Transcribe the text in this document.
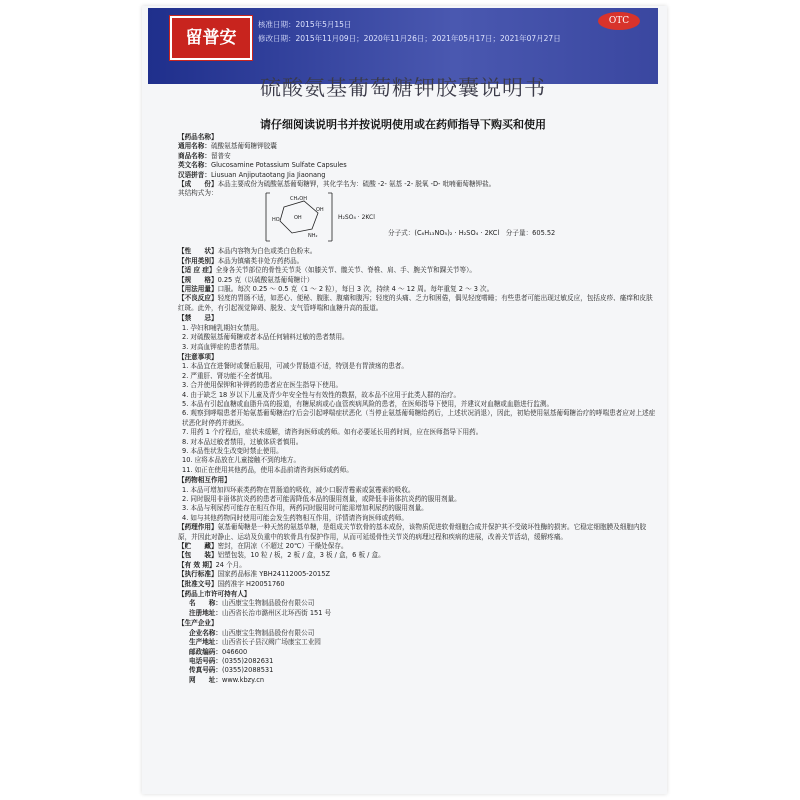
留普安
核准日期：2015年5月15日
修改日期：2015年11月09日；2020年11月26日；2021年05月17日；2021年07月27日
OTC
硫酸氨基葡萄糖钾胶囊说明书
请仔细阅读说明书并按说明使用或在药师指导下购买和使用
【药品名称】
通用名称：硫酸氨基葡萄糖钾胶囊
商品名称：留普安
英文名称：Glucosamine Potassium Sulfate Capsules
汉语拼音：Liusuan Anjiputaotang Jia Jiaonang
【成　　份】本品主要成份为硫酸氨基葡萄糖钾，其化学名为：硫酸 -2- 氨基 -2- 脱氧 -D- 吡喃葡萄糖钾盐。
其结构式为：
CH₂OH
HO
NH₂
OH
OH	H₂SO₄ · 2KCl
分子式：(C₆H₁₃NO₅)₂ · H₂SO₄ · 2KCl　分子量：605.52
【性　　状】本品内容物为白色或类白色粉末。
【作用类别】本品为镇痛类非处方药药品。
【适 应 症】全身各关节部位的骨性关节炎（如膝关节、髋关节、脊椎、肩、手、腕关节和踝关节等）。
【规　　格】0.25 克（以硫酸氨基葡萄糖计）
【用法用量】口服。每次 0.25 ～ 0.5 克（1 ～ 2 粒），每日 3 次，持续 4 ～ 12 周。每年重复 2 ～ 3 次。
【不良反应】轻度的胃肠不适，如恶心、便秘、腹胀、腹痛和腹泻；轻度的头痛、乏力和困倦，偶见轻度嗜睡；有些患者可能出现过敏反应，包括皮疹、瘙痒和皮肤红斑。此外，有引起视觉障碍、脱发、支气管哮喘和血糖升高的报道。
【禁　　忌】
1. 孕妇和哺乳期妇女禁用。
2. 对硫酸氨基葡萄糖或者本品任何辅料过敏的患者禁用。
3. 对高血钾症的患者禁用。
【注意事项】
1. 本品宜在进餐时或餐后服用，可减少胃肠道不适，特别是有胃溃疡的患者。
2. 严重肝、肾功能不全者慎用。
3. 合并使用保钾和补钾药的患者应在医生指导下使用。
4. 由于缺乏 18 岁以下儿童及青少年安全性与有效性的数据，故本品不应用于此类人群的治疗。
5. 本品有引起血糖或血脂升高的报道，有糖尿病或心血管疾病风险的患者，在医师指导下使用，并建议对血糖或血脂进行监测。
6. 观察到哮喘患者开始氨基葡萄糖治疗后会引起哮喘症状恶化（当停止氨基葡萄糖给药后，上述状况消退），因此，初始使用氨基葡萄糖治疗的哮喘患者应对上述症状恶化时停药并就医。
7. 用药 1 个疗程后，症状未缓解，请咨询医师或药师。如有必要延长用药时间，应在医师指导下用药。
8. 对本品过敏者禁用，过敏体质者慎用。
9. 本品性状发生改变时禁止使用。
10. 应将本品放在儿童接触不到的地方。
11. 如正在使用其他药品，使用本品前请咨询医师或药师。
【药物相互作用】
1. 本品可增加四环素类药物在胃肠道的吸收，减少口服青霉素或氯霉素的吸收。
2. 同时服用非甾体抗炎药的患者可能需降低本品的服用剂量，或降低非甾体抗炎药的服用剂量。
3. 本品与利尿药可能存在相互作用，两药同时服用时可能需增加利尿药的服用剂量。
4. 如与其他药物同时使用可能会发生药物相互作用，详情请咨询医师或药师。
【药理作用】氨基葡萄糖是一种天然的氨基单糖，是组成关节软骨的基本成份，该物质促进软骨细胞合成并保护其不受破坏性酶的损害。它稳定细胞膜及细胞内胶原，并因此对静止、运动及负重中的软骨具有保护作用，从而可延缓骨性关节炎的病理过程和疾病的进展，改善关节活动，缓解疼痛。
【贮　　藏】密封，在阴凉（不超过 20℃）干燥处保存。
【包　　装】铝塑包装，10 粒 / 板，2 板 / 盒，3 板 / 盒，6 板 / 盒。
【有 效 期】24 个月。
【执行标准】国家药品标准 YBH24112005-2015Z
【批准文号】国药准字 H20051760
【药品上市许可持有人】
名　　称：山西康宝生物制品股份有限公司
注册地址：山西省长治市潞州区北环西街 151 号
【生产企业】
企业名称：山西康宝生物制品股份有限公司
生产地址：山西省长子县汉阙广场康宝工业园
邮政编码：046600
电话号码：(0355)2082631
传真号码：(0355)2088531
网　　址：www.kbzy.cn
